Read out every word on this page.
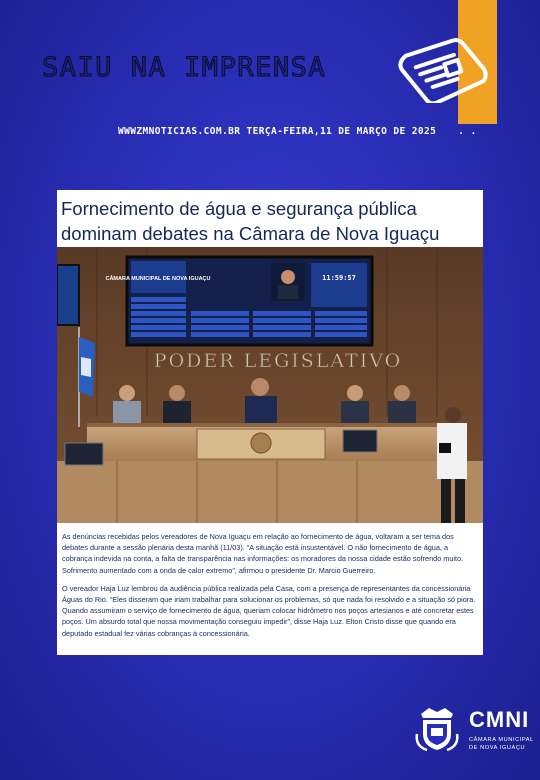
SAIU NA IMPRENSA
WWWZMNOTICIAS.COM.BR TERÇA-FEIRA,11 DE MARÇO DE 2025 . .
Fornecimento de água e segurança pública dominam debates na Câmara de Nova Iguaçu
CÂMARA MUNICIPAL DE NOVA IGUAÇU	11:59:57
PODER LEGISLATIVO

As denúncias recebidas pelos vereadores de Nova Iguaçu em relação ao fornecimento de água, voltaram a ser tema dos debates durante a sessão plenária desta manhã (11/03). “A situação está insustentável. O não fornecimento de água, a cobrança indevida na conta, a falta de transparência nas informações: os moradores da nossa cidade estão sofrendo muito. Sofrimento aumentado com a onda de calor extremo”, afirmou o presidente Dr. Marcio Guerreiro.

O vereador Haja Luz lembrou da audiência pública realizada pela Casa, com a presença de representantes da concessionária Águas do Rio. “Eles disseram que iriam trabalhar para solucionar os problemas, só que nada foi resolvido e a situação só piora. Quando assumiram o serviço de fornecimento de água, queriam colocar hidrômetro nos poços artesianos e até concretar estes poços. Um absurdo total que nossa movimentação conseguiu impedir”, disse Haja Luz. Elton Cristo disse que quando era deputado estadual fez várias cobranças à concessionária.

CMNI
CÂMARA MUNICIPAL
DE NOVA IGUAÇU
